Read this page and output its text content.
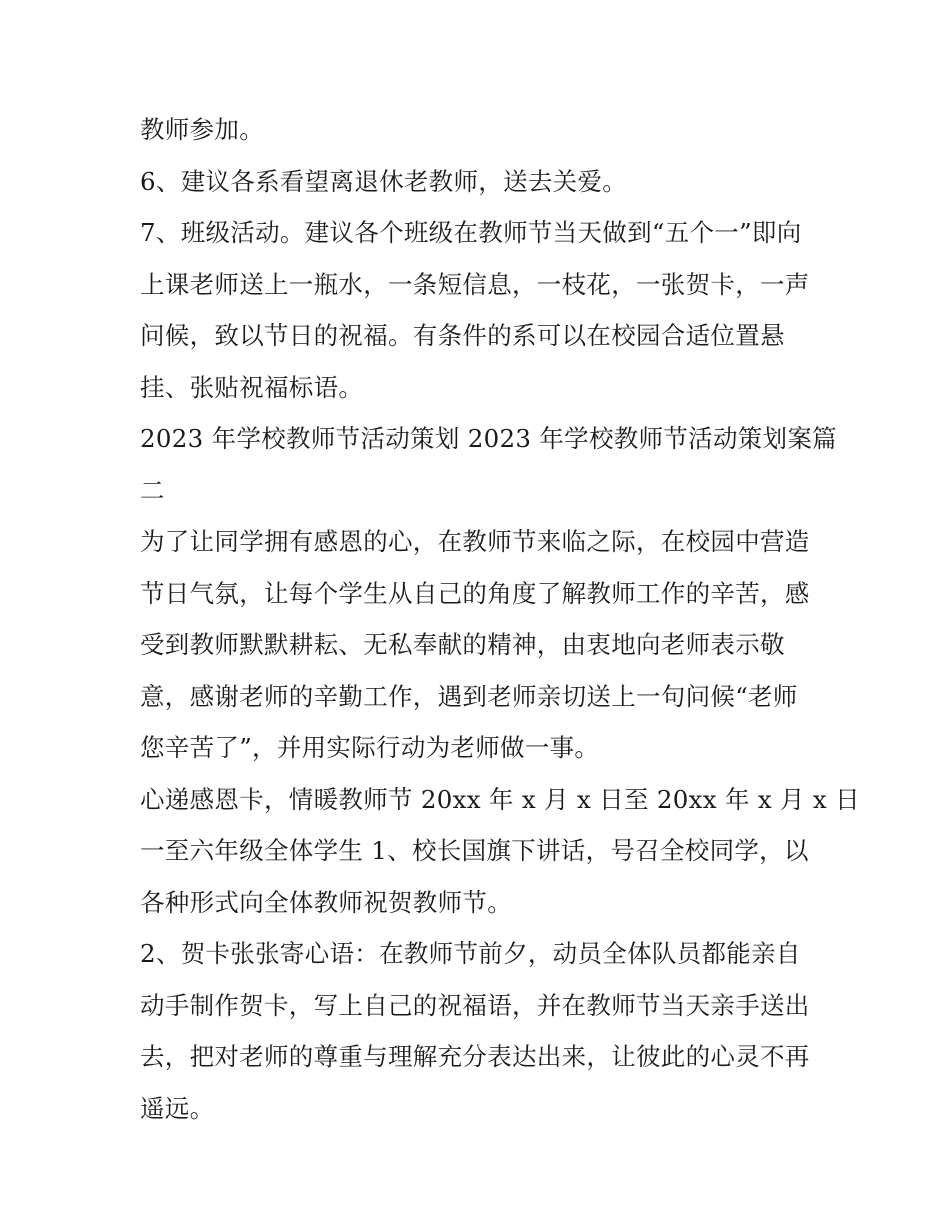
教师参加。
6、建议各系看望离退休老教师，送去关爱。
7、班级活动。建议各个班级在教师节当天做到“五个一”即向
上课老师送上一瓶水，一条短信息，一枝花，一张贺卡，一声
问候，致以节日的祝福。有条件的系可以在校园合适位置悬
挂、张贴祝福标语。
2023 年学校教师节活动策划 2023 年学校教师节活动策划案篇
二
为了让同学拥有感恩的心，在教师节来临之际，在校园中营造
节日气氛，让每个学生从自己的角度了解教师工作的辛苦，感
受到教师默默耕耘、无私奉献的精神，由衷地向老师表示敬
意，感谢老师的辛勤工作，遇到老师亲切送上一句问候“老师
您辛苦了”，并用实际行动为老师做一事。
心递感恩卡，情暖教师节 20xx 年 x 月 x 日至 20xx 年 x 月 x 日
一至六年级全体学生 1、校长国旗下讲话，号召全校同学，以
各种形式向全体教师祝贺教师节。
2、贺卡张张寄心语：在教师节前夕，动员全体队员都能亲自
动手制作贺卡，写上自己的祝福语，并在教师节当天亲手送出
去，把对老师的尊重与理解充分表达出来，让彼此的心灵不再
遥远。
